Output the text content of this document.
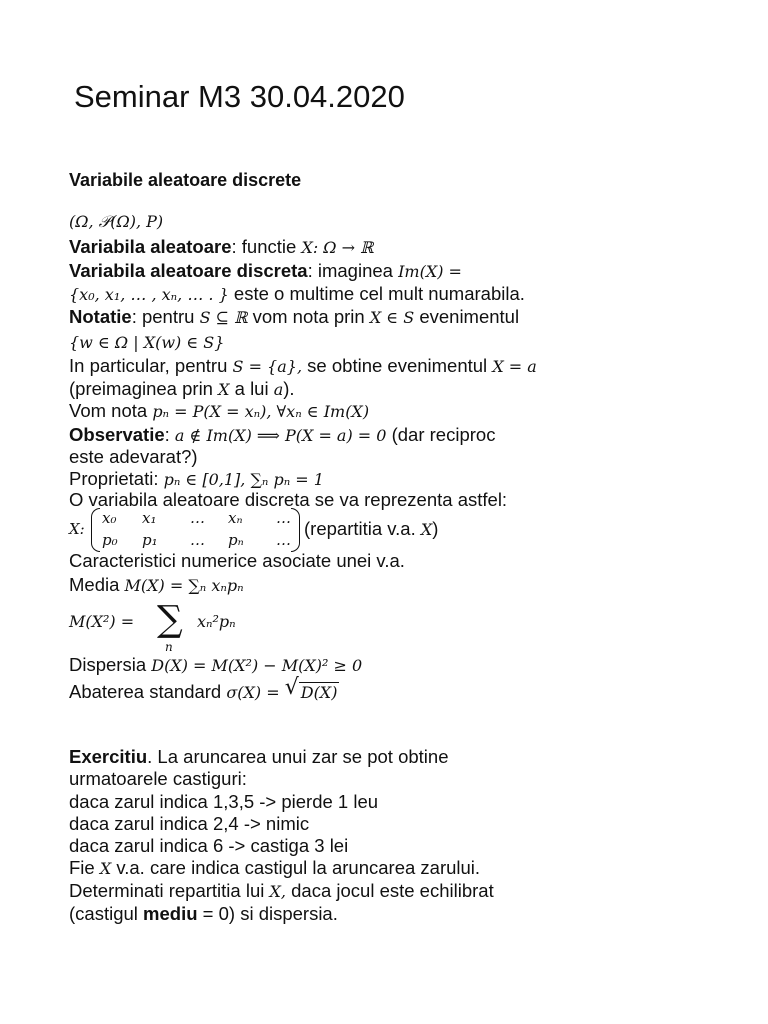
Seminar M3 30.04.2020
Variabile aleatoare discrete
(Ω, 𝒫(Ω), P)
Variabila aleatoare: functie X: Ω → ℝ
Variabila aleatoare discreta: imaginea Im(X) =
{x₀, x₁, … , xₙ, … . } este o multime cel mult numarabila.
Notatie: pentru S ⊆ ℝ vom nota prin X ∈ S evenimentul
{w ∈ Ω | X(w) ∈ S}
In particular, pentru S = {a}, se obtine evenimentul X = a
(preimaginea prin X a lui a).
Vom nota pₙ = P(X = xₙ), ∀xₙ ∈ Im(X)
Observatie: a ∉ Im(X) ⟹ P(X = a) = 0 (dar reciproc
este adevarat?)
Proprietati: pₙ ∈ [0,1], ∑ₙ pₙ = 1
O variabila aleatoare discreta se va reprezenta astfel:
X:
x₀ x₁ … xₙ …
p₀ p₁ … pₙ …
(repartitia v.a. X)
Caracteristici numerice asociate unei v.a.
Media M(X) = ∑ₙ xₙpₙ
M(X²) = ∑
n
xₙ²pₙ
Dispersia D(X) = M(X²) − M(X)² ≥ 0
Abaterea standard σ(X) = √ D(X)
Exercitiu. La aruncarea unui zar se pot obtine
urmatoarele castiguri:
daca zarul indica 1,3,5 -> pierde 1 leu
daca zarul indica 2,4 -> nimic
daca zarul indica 6 -> castiga 3 lei
Fie X v.a. care indica castigul la aruncarea zarului.
Determinati repartitia lui X, daca jocul este echilibrat
(castigul mediu = 0) si dispersia.
